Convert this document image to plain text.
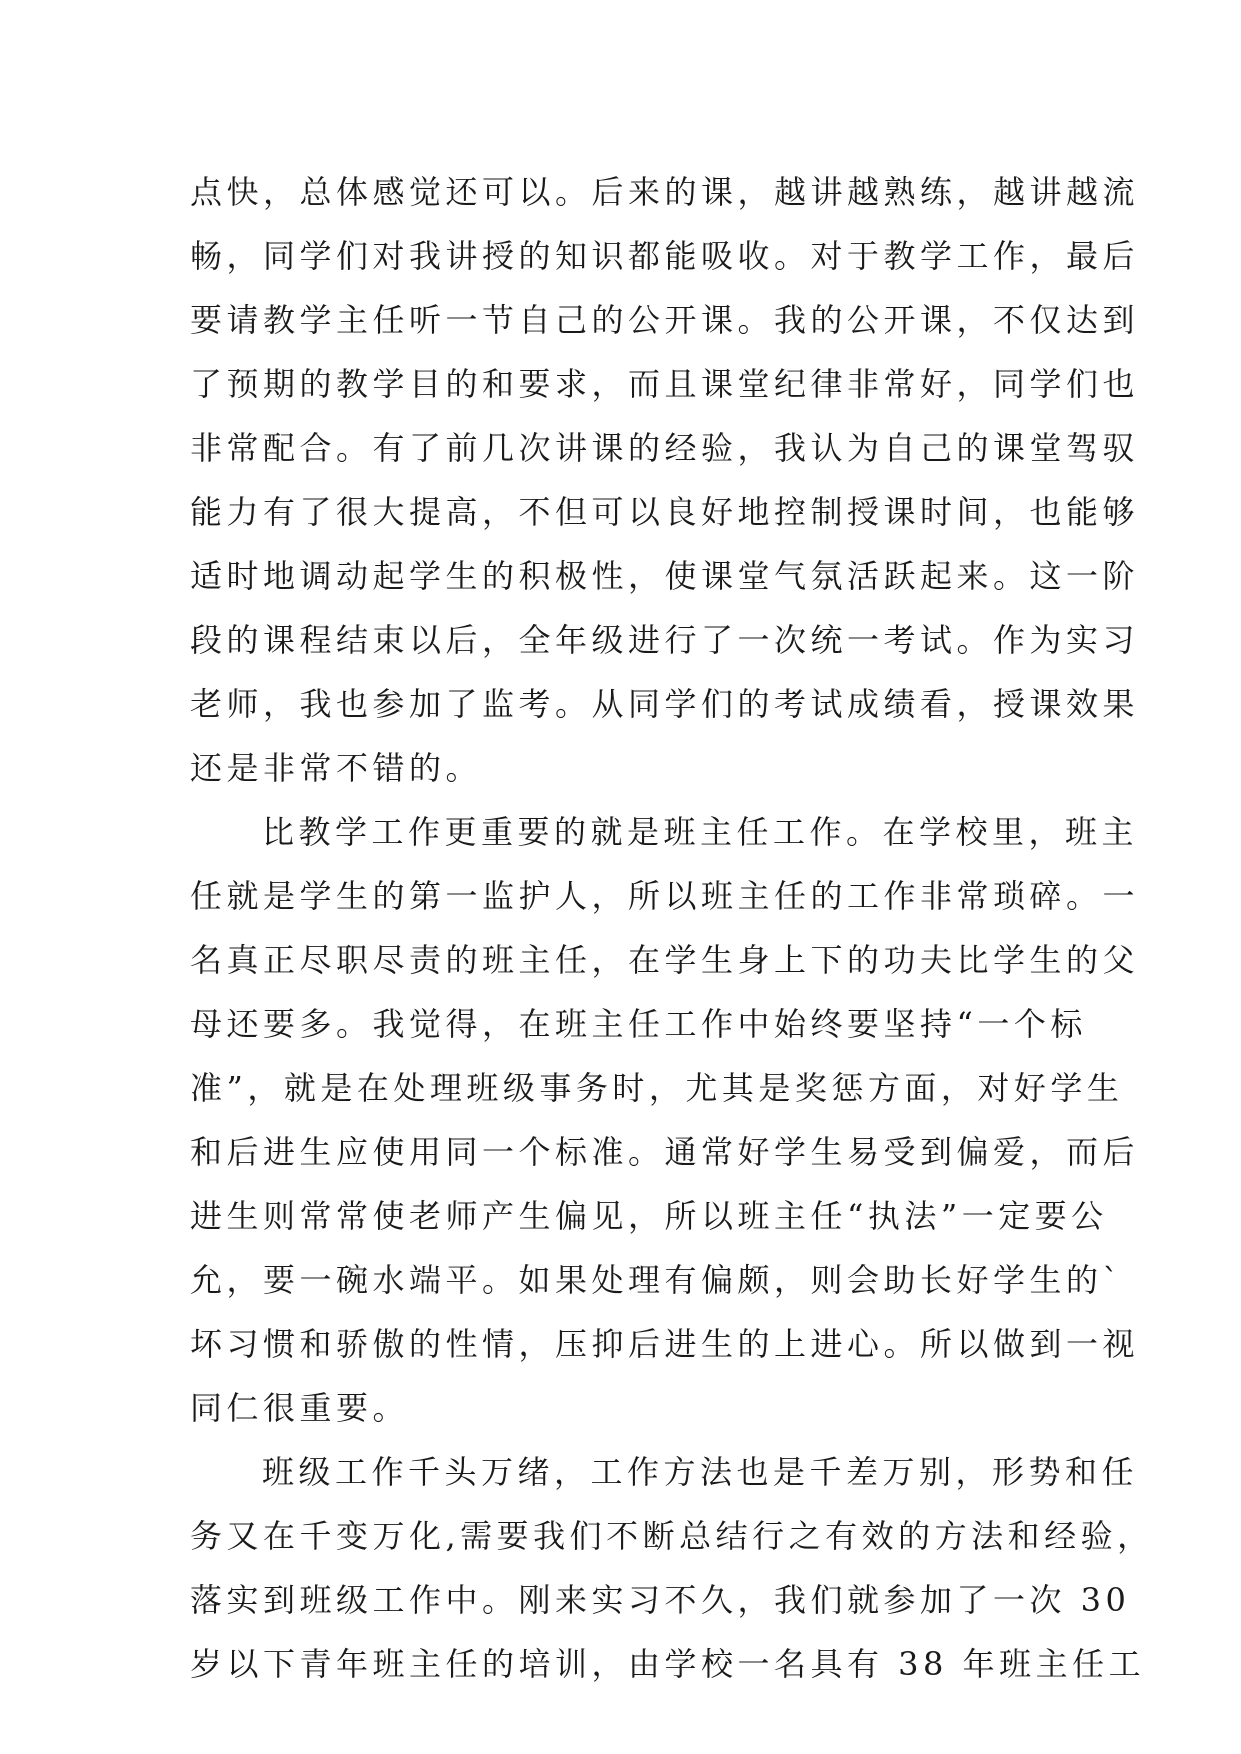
点快，总体感觉还可以。后来的课，越讲越熟练，越讲越流
畅，同学们对我讲授的知识都能吸收。对于教学工作，最后
要请教学主任听一节自己的公开课。我的公开课，不仅达到
了预期的教学目的和要求，而且课堂纪律非常好，同学们也
非常配合。有了前几次讲课的经验，我认为自己的课堂驾驭
能力有了很大提高，不但可以良好地控制授课时间，也能够
适时地调动起学生的积极性，使课堂气氛活跃起来。这一阶
段的课程结束以后，全年级进行了一次统一考试。作为实习
老师，我也参加了监考。从同学们的考试成绩看，授课效果
还是非常不错的。
比教学工作更重要的就是班主任工作。在学校里，班主
任就是学生的第一监护人，所以班主任的工作非常琐碎。一
名真正尽职尽责的班主任，在学生身上下的功夫比学生的父
母还要多。我觉得，在班主任工作中始终要坚持“一个标
准”，就是在处理班级事务时，尤其是奖惩方面，对好学生
和后进生应使用同一个标准。通常好学生易受到偏爱，而后
进生则常常使老师产生偏见，所以班主任“执法”一定要公
允，要一碗水端平。如果处理有偏颇，则会助长好学生的`
坏习惯和骄傲的性情，压抑后进生的上进心。所以做到一视
同仁很重要。
班级工作千头万绪，工作方法也是千差万别，形势和任
务又在千变万化,需要我们不断总结行之有效的方法和经验，
落实到班级工作中。刚来实习不久，我们就参加了一次 30
岁以下青年班主任的培训，由学校一名具有 38 年班主任工
